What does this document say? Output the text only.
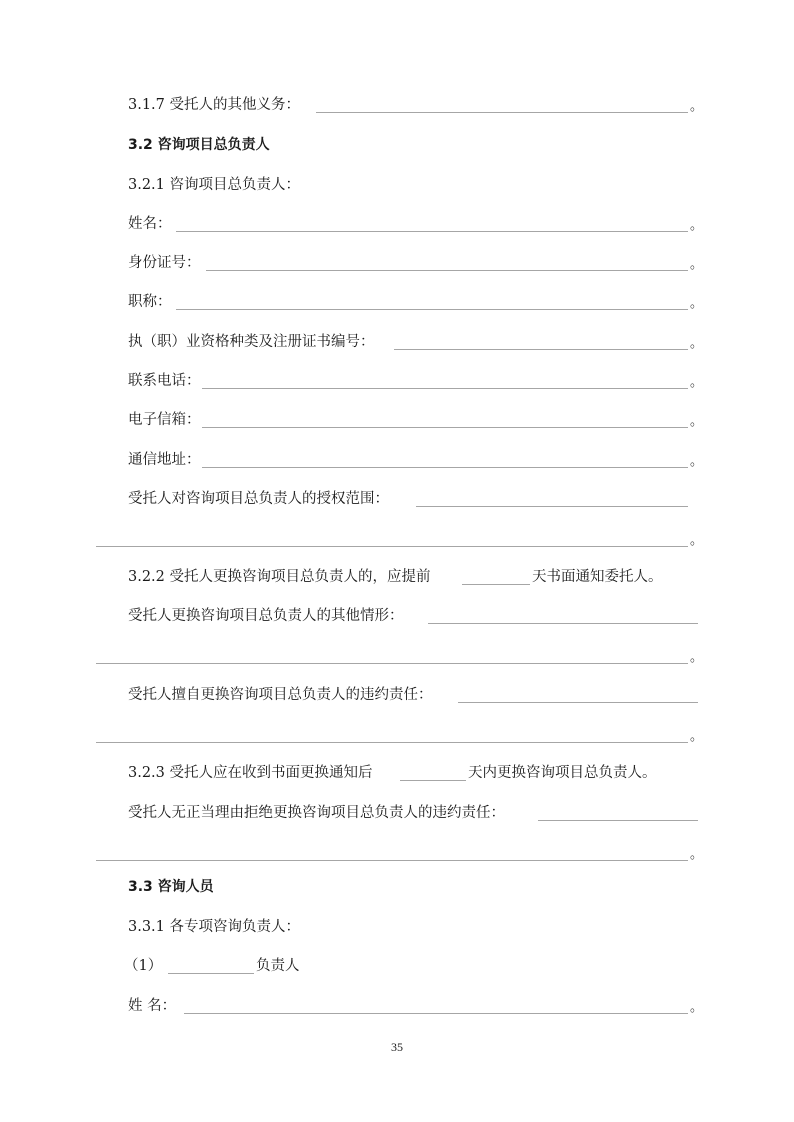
3.1.7 受托人的其他义务：	。
3.2 咨询项目总负责人
3.2.1 咨询项目总负责人：
姓名：	。
身份证号：	。
职称：	。
执（职）业资格种类及注册证书编号：	。
联系电话：	。
电子信箱：	。
通信地址：	。
受托人对咨询项目总负责人的授权范围：
。
3.2.2 受托人更换咨询项目总负责人的，应提前	天书面通知委托人。
受托人更换咨询项目总负责人的其他情形：
。
受托人擅自更换咨询项目总负责人的违约责任：
。
3.2.3 受托人应在收到书面更换通知后	天内更换咨询项目总负责人。
受托人无正当理由拒绝更换咨询项目总负责人的违约责任：
。
3.3 咨询人员
3.3.1 各专项咨询负责人：
（1）	负责人
姓 名：	。
35
